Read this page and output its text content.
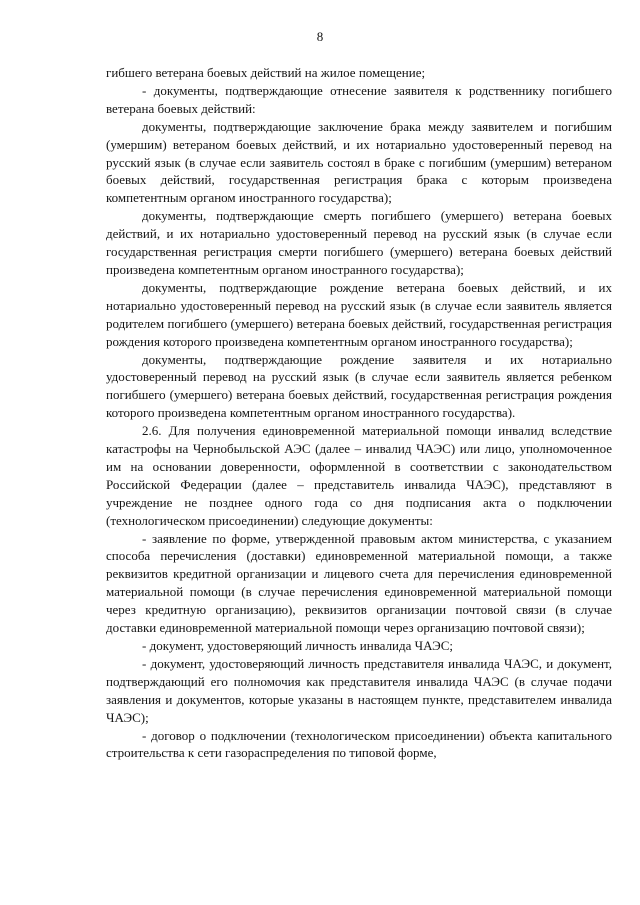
8

гибшего ветерана боевых действий на жилое помещение;

- документы, подтверждающие отнесение заявителя к родственнику погибшего ветерана боевых действий:

документы, подтверждающие заключение брака между заявителем и погибшим (умершим) ветераном боевых действий, и их нотариально удостоверенный перевод на русский язык (в случае если заявитель состоял в браке с погибшим (умершим) ветераном боевых действий, государственная регистрация брака с которым произведена компетентным органом иностранного государства);

документы, подтверждающие смерть погибшего (умершего) ветерана боевых действий, и их нотариально удостоверенный перевод на русский язык (в случае если государственная регистрация смерти погибшего (умершего) ветерана боевых действий произведена компетентным органом иностранного государства);

документы, подтверждающие рождение ветерана боевых действий, и их нотариально удостоверенный перевод на русский язык (в случае если заявитель является родителем погибшего (умершего) ветерана боевых действий, государственная регистрация рождения которого произведена компетентным органом иностранного государства);

документы, подтверждающие рождение заявителя и их нотариально удостоверенный перевод на русский язык (в случае если заявитель является ребенком погибшего (умершего) ветерана боевых действий, государственная регистрация рождения которого произведена компетентным органом иностранного государства).

2.6. Для получения единовременной материальной помощи инвалид вследствие катастрофы на Чернобыльской АЭС (далее – инвалид ЧАЭС) или лицо, уполномоченное им на основании доверенности, оформленной в соответствии с законодательством Российской Федерации (далее – представитель инвалида ЧАЭС), представляют в учреждение не позднее одного года со дня подписания акта о подключении (технологическом присоединении) следующие документы:

- заявление по форме, утвержденной правовым актом министерства, с указанием способа перечисления (доставки) единовременной материальной помощи, а также реквизитов кредитной организации и лицевого счета для перечисления единовременной материальной помощи (в случае перечисления единовременной материальной помощи через кредитную организацию), реквизитов организации почтовой связи (в случае доставки единовременной материальной помощи через организацию почтовой связи);

- документ, удостоверяющий личность инвалида ЧАЭС;

- документ, удостоверяющий личность представителя инвалида ЧАЭС, и документ, подтверждающий его полномочия как представителя инвалида ЧАЭС (в случае подачи заявления и документов, которые указаны в настоящем пункте, представителем инвалида ЧАЭС);

- договор о подключении (технологическом присоединении) объекта капитального строительства к сети газораспределения по типовой форме,
